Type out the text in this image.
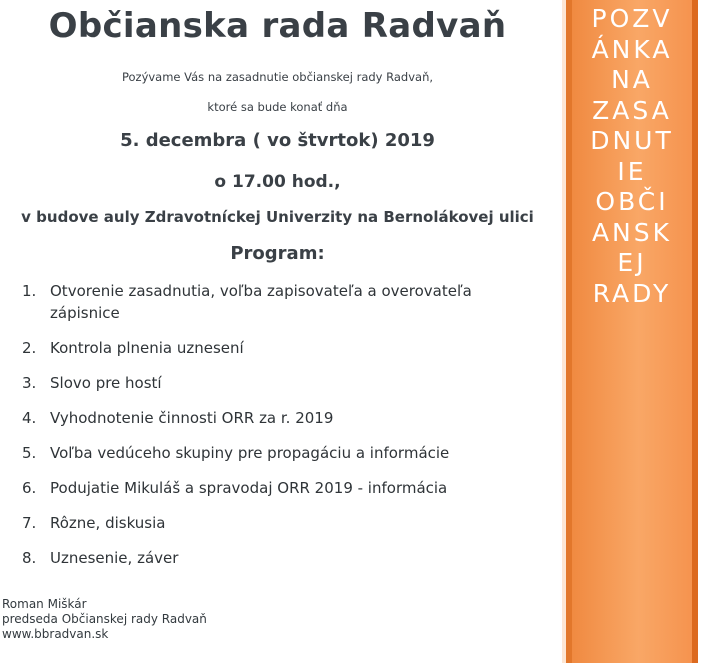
Občianska rada Radvaň
Pozývame Vás na zasadnutie občianskej rady Radvaň,
ktoré sa bude konať dňa
5. decembra ( vo štvrtok) 2019
o 17.00 hod.,
v budove auly Zdravotníckej Univerzity na Bernolákovej ulici
Program:
1. Otvorenie zasadnutia, voľba zapisovateľa a overovateľa
zápisnice
2. Kontrola plnenia uznesení
3. Slovo pre hostí
4. Vyhodnotenie činnosti ORR za r. 2019
5. Voľba vedúceho skupiny pre propagáciu a informácie
6. Podujatie Mikuláš a spravodaj ORR 2019 - informácia
7. Rôzne, diskusia
8. Uznesenie, záver
Roman Miškár
predseda Občianskej rady Radvaň
www.bbradvan.sk
POZV
ÁNKA
NA
ZASA
DNUT
IE
OBČI
ANSK
EJ
RADY
